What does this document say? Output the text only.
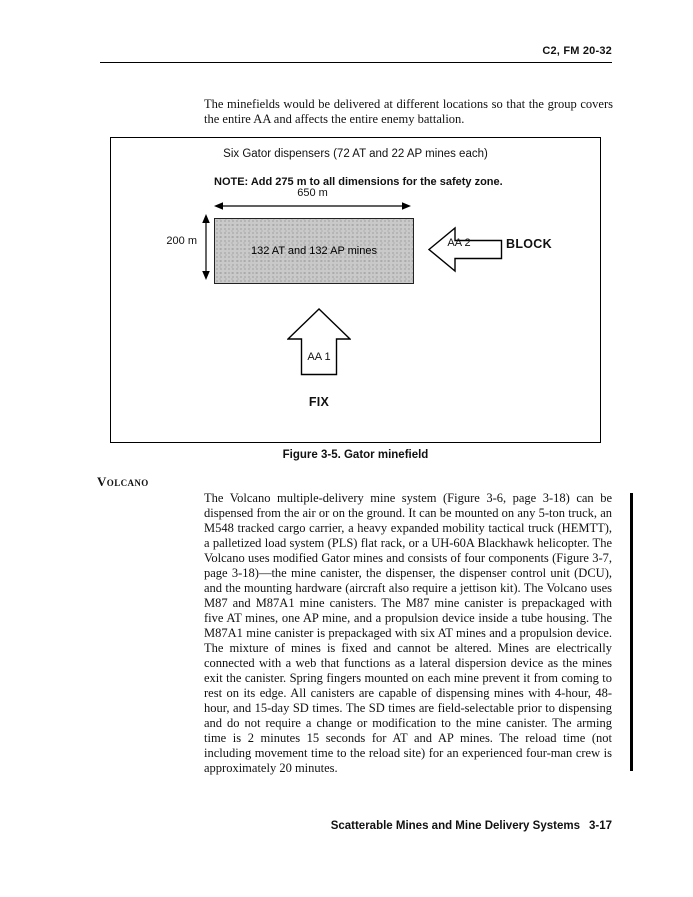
C2, FM 20-32

The minefields would be delivered at different locations so that the group covers the entire AA and affects the entire enemy battalion.

Six Gator dispensers (72 AT and 22 AP mines each)
NOTE: Add 275 m to all dimensions for the safety zone.
650 m
200 m
132 AT and 132 AP mines
AA 2	BLOCK
AA 1
FIX
Figure 3-5. Gator minefield
Volcano

The Volcano multiple-delivery mine system (Figure 3-6, page 3-18) can be dispensed from the air or on the ground. It can be mounted on any 5-ton truck, an M548 tracked cargo carrier, a heavy expanded mobility tactical truck (HEMTT), a palletized load system (PLS) flat rack, or a UH-60A Blackhawk helicopter. The Volcano uses modified Gator mines and consists of four components (Figure 3-7, page 3-18)—the mine canister, the dispenser, the dispenser control unit (DCU), and the mounting hardware (aircraft also require a jettison kit). The Volcano uses M87 and M87A1 mine canisters. The M87 mine canister is prepackaged with five AT mines, one AP mine, and a propulsion device inside a tube housing. The M87A1 mine canister is prepackaged with six AT mines and a propulsion device. The mixture of mines is fixed and cannot be altered. Mines are electrically connected with a web that functions as a lateral dispersion device as the mines exit the canister. Spring fingers mounted on each mine prevent it from coming to rest on its edge. All canisters are capable of dispensing mines with 4-hour, 48-hour, and 15-day SD times. The SD times are field-selectable prior to dispensing and do not require a change or modification to the mine canister. The arming time is 2 minutes 15 seconds for AT and AP mines. The reload time (not including movement time to the reload site) for an experienced four-man crew is approximately 20 minutes.

Scatterable Mines and Mine Delivery Systems 3-17
